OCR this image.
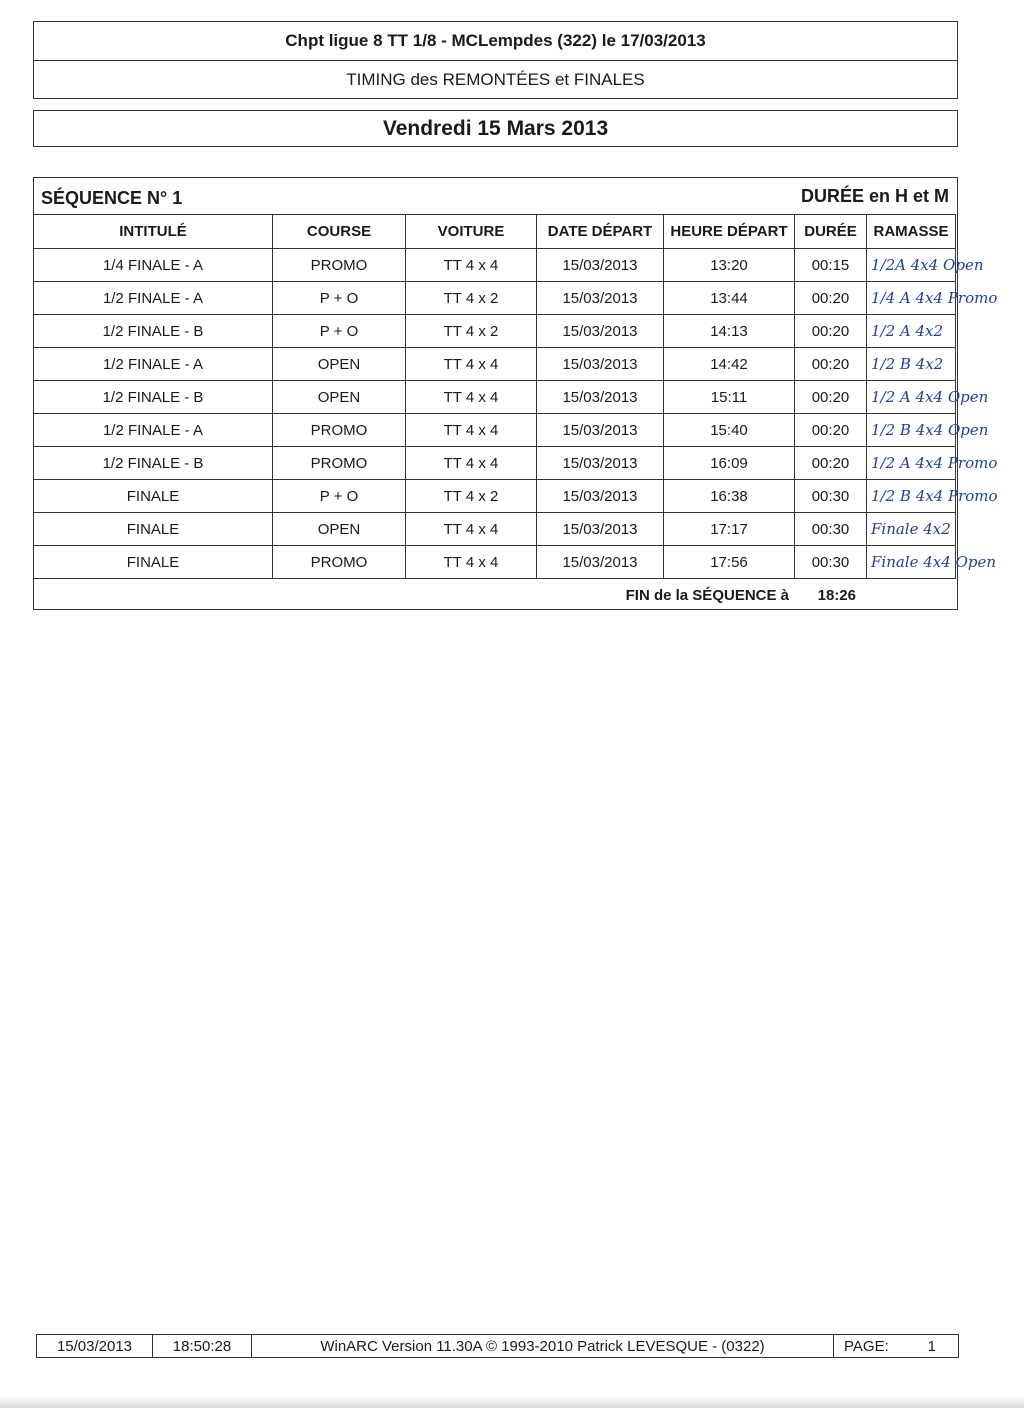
Chpt ligue 8 TT 1/8 - MCLempdes (322) le 17/03/2013
TIMING des REMONTÉES et FINALES
Vendredi 15 Mars 2013
SÉQUENCE N° 1	DURÉE en H et M
INTITULÉ	COURSE	VOITURE	DATE DÉPART	HEURE DÉPART	DURÉE	RAMASSE
1/4 FINALE - A	PROMO	TT 4 x 4	15/03/2013	13:20	00:15	1/2A 4x4 Open
1/2 FINALE - A	P + O	TT 4 x 2	15/03/2013	13:44	00:20	1/4 A 4x4 Promo
1/2 FINALE - B	P + O	TT 4 x 2	15/03/2013	14:13	00:20	1/2 A 4x2
1/2 FINALE - A	OPEN	TT 4 x 4	15/03/2013	14:42	00:20	1/2 B 4x2
1/2 FINALE - B	OPEN	TT 4 x 4	15/03/2013	15:11	00:20	1/2 A 4x4 Open
1/2 FINALE - A	PROMO	TT 4 x 4	15/03/2013	15:40	00:20	1/2 B 4x4 Open
1/2 FINALE - B	PROMO	TT 4 x 4	15/03/2013	16:09	00:20	1/2 A 4x4 Promo
FINALE	P + O	TT 4 x 2	15/03/2013	16:38	00:30	1/2 B 4x4 Promo
FINALE	OPEN	TT 4 x 4	15/03/2013	17:17	00:30	Finale 4x2
FINALE	PROMO	TT 4 x 4	15/03/2013	17:56	00:30	Finale 4x4 Open
FIN de la SÉQUENCE à 18:26
15/03/2013	18:50:28	WinARC Version 11.30A © 1993-2010 Patrick LEVESQUE - (0322)	PAGE:	1
